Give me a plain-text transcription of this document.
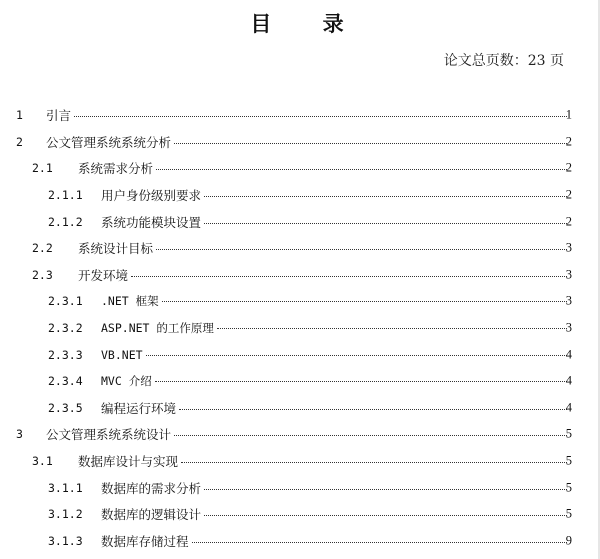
目 录
论文总页数：23 页
1 引言	1
2 公文管理系统系统分析	2
2.1 系统需求分析	2
2.1.1 用户身份级别要求	2
2.1.2 系统功能模块设置	2
2.2 系统设计目标	3
2.3 开发环境	3
2.3.1 .NET 框架	3
2.3.2 ASP.NET 的工作原理	3
2.3.3 VB.NET	4
2.3.4 MVC 介绍	4
2.3.5 编程运行环境	4
3 公文管理系统系统设计	5
3.1 数据库设计与实现	5
3.1.1 数据库的需求分析	5
3.1.2 数据库的逻辑设计	5
3.1.3 数据库存储过程	9
